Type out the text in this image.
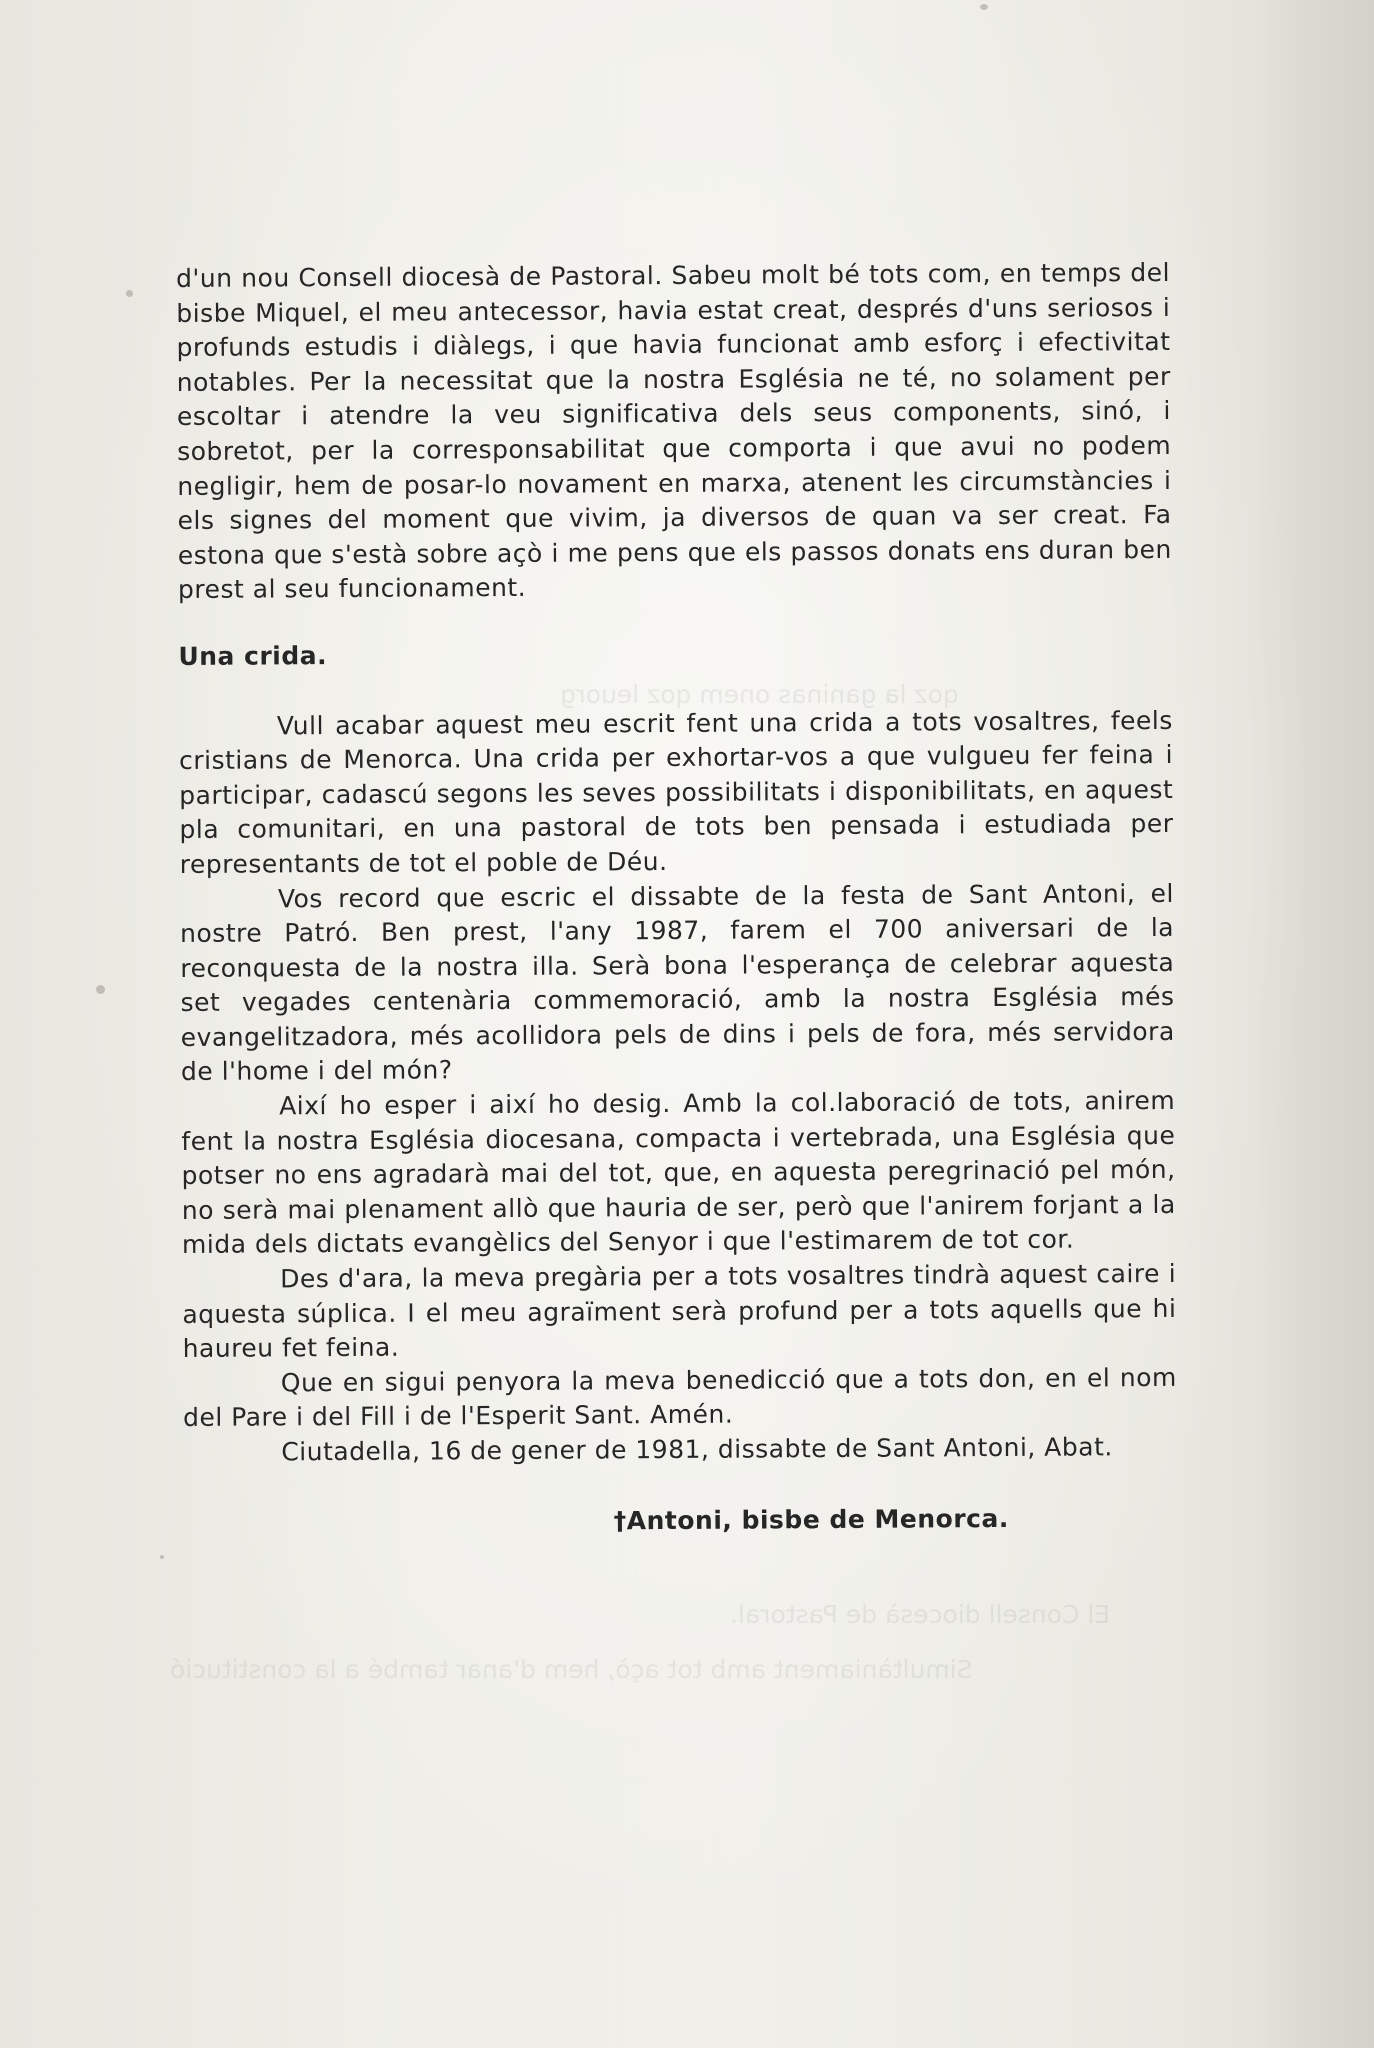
qoz la ganinas onem qoz leuorg
El Consell diocesà de Pastoral.
Simultàniament amb tot açò, hem d'anar també a la constitució

d'un nou Consell diocesà de Pastoral. Sabeu molt bé tots com, en temps del bisbe Miquel, el meu antecessor, havia estat creat, després d'uns seriosos i profunds estudis i diàlegs, i que havia funcionat amb esforç i efectivitat notables. Per la necessitat que la nostra Església ne té, no solament per escoltar i atendre la veu significativa dels seus components, sinó, i sobretot, per la corresponsabilitat que comporta i que avui no podem negligir, hem de posar-lo novament en marxa, atenent les circumstàncies i els signes del moment que vivim, ja diversos de quan va ser creat. Fa estona que s'està sobre açò i me pens que els passos donats ens duran ben prest al seu funcionament.

Una crida.

Vull acabar aquest meu escrit fent una crida a tots vosaltres, feels cristians de Menorca. Una crida per exhortar-vos a que vulgueu fer feina i participar, cadascú segons les seves possibilitats i disponibilitats, en aquest pla comunitari, en una pastoral de tots ben pensada i estudiada per representants de tot el poble de Déu.

Vos record que escric el dissabte de la festa de Sant Antoni, el nostre Patró. Ben prest, l'any 1987, farem el 700 aniversari de la reconquesta de la nostra illa. Serà bona l'esperança de celebrar aquesta set vegades centenària commemoració, amb la nostra Església més evangelitzadora, més acollidora pels de dins i pels de fora, més servidora de l'home i del món?

Així ho esper i així ho desig. Amb la col.laboració de tots, anirem fent la nostra Església diocesana, compacta i vertebrada, una Església que potser no ens agradarà mai del tot, que, en aquesta peregrinació pel món, no serà mai plenament allò que hauria de ser, però que l'anirem forjant a la mida dels dictats evangèlics del Senyor i que l'estimarem de tot cor.

Des d'ara, la meva pregària per a tots vosaltres tindrà aquest caire i aquesta súplica. I el meu agraïment serà profund per a tots aquells que hi haureu fet feina.

Que en sigui penyora la meva benedicció que a tots don, en el nom del Pare i del Fill i de l'Esperit Sant. Amén.

Ciutadella, 16 de gener de 1981, dissabte de Sant Antoni, Abat.

†Antoni, bisbe de Menorca.
